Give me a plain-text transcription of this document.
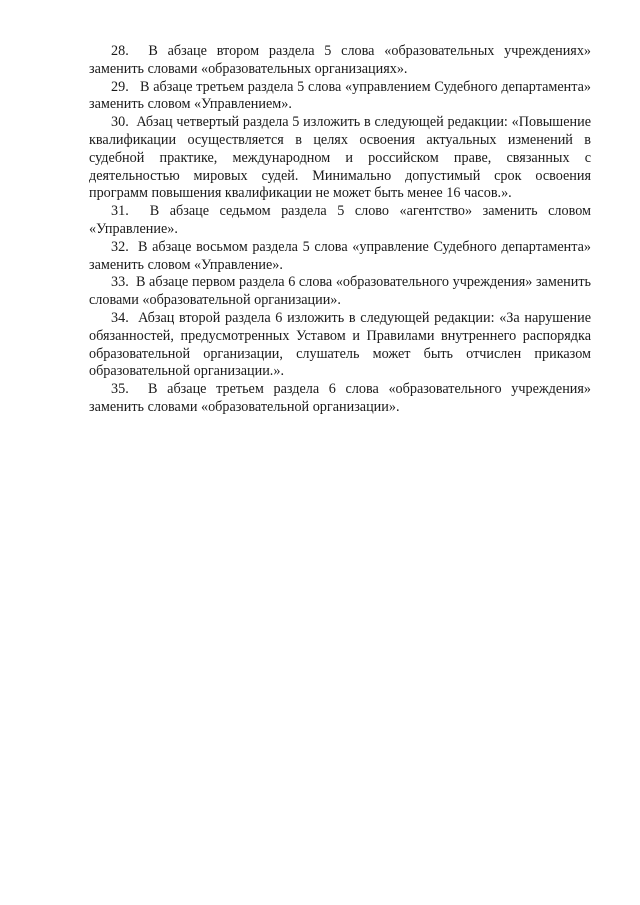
28. В абзаце втором раздела 5 слова «образовательных учреждениях» заменить словами «образовательных организациях».

29. В абзаце третьем раздела 5 слова «управлением Судебного департамента» заменить словом «Управлением».

30. Абзац четвертый раздела 5 изложить в следующей редакции: «Повышение квалификации осуществляется в целях освоения актуальных изменений в судебной практике, международном и российском праве, связанных с деятельностью мировых судей. Минимально допустимый срок освоения программ повышения квалификации не может быть менее 16 часов.».

31. В абзаце седьмом раздела 5 слово «агентство» заменить словом «Управление».

32. В абзаце восьмом раздела 5 слова «управление Судебного департамента» заменить словом «Управление».

33. В абзаце первом раздела 6 слова «образовательного учреждения» заменить словами «образовательной организации».

34. Абзац второй раздела 6 изложить в следующей редакции: «За нарушение обязанностей, предусмотренных Уставом и Правилами внутреннего распорядка образовательной организации, слушатель может быть отчислен приказом образовательной организации.».

35. В абзаце третьем раздела 6 слова «образовательного учреждения» заменить словами «образовательной организации».
